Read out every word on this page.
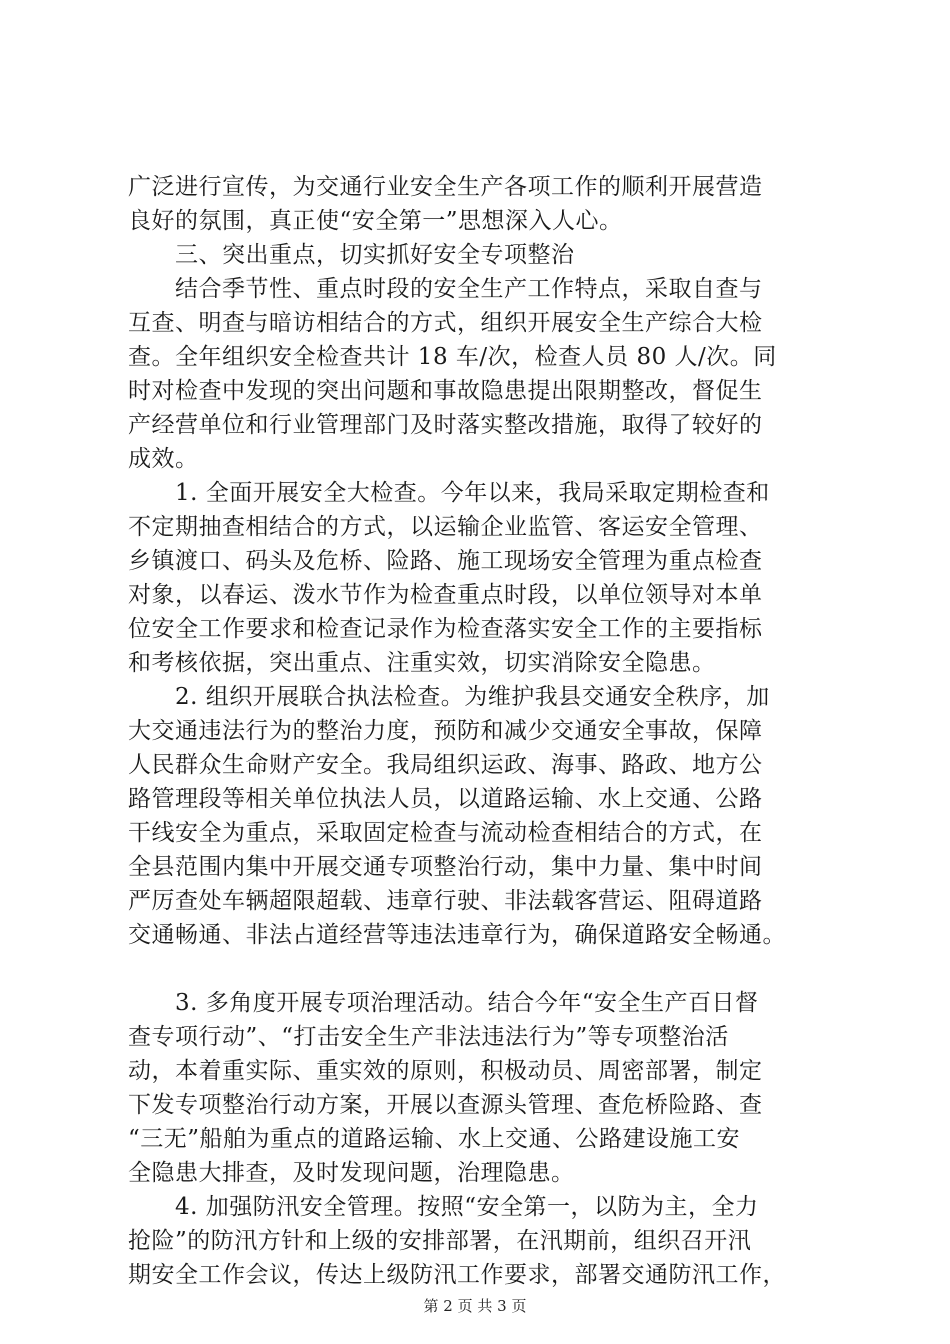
广泛进行宣传，为交通行业安全生产各项工作的顺利开展营造
良好的氛围，真正使“安全第一”思想深入人心。
　　三、突出重点，切实抓好安全专项整治
　　结合季节性、重点时段的安全生产工作特点，采取自查与
互查、明查与暗访相结合的方式，组织开展安全生产综合大检
查。全年组织安全检查共计 18 车/次，检查人员 80 人/次。同
时对检查中发现的突出问题和事故隐患提出限期整改，督促生
产经营单位和行业管理部门及时落实整改措施，取得了较好的
成效。
　　1. 全面开展安全大检查。今年以来，我局采取定期检查和
不定期抽查相结合的方式，以运输企业监管、客运安全管理、
乡镇渡口、码头及危桥、险路、施工现场安全管理为重点检查
对象，以春运、泼水节作为检查重点时段，以单位领导对本单
位安全工作要求和检查记录作为检查落实安全工作的主要指标
和考核依据，突出重点、注重实效，切实消除安全隐患。
　　2. 组织开展联合执法检查。为维护我县交通安全秩序，加
大交通违法行为的整治力度，预防和减少交通安全事故，保障
人民群众生命财产安全。我局组织运政、海事、路政、地方公
路管理段等相关单位执法人员，以道路运输、水上交通、公路
干线安全为重点，采取固定检查与流动检查相结合的方式，在
全县范围内集中开展交通专项整治行动，集中力量、集中时间
严厉查处车辆超限超载、违章行驶、非法载客营运、阻碍道路
交通畅通、非法占道经营等违法违章行为，确保道路安全畅通。
　　3. 多角度开展专项治理活动。结合今年“安全生产百日督
查专项行动”、“打击安全生产非法违法行为”等专项整治活
动，本着重实际、重实效的原则，积极动员、周密部署，制定
下发专项整治行动方案，开展以查源头管理、查危桥险路、查
“三无”船舶为重点的道路运输、水上交通、公路建设施工安
全隐患大排查，及时发现问题，治理隐患。
　　4. 加强防汛安全管理。按照“安全第一，以防为主，全力
抢险”的防汛方针和上级的安排部署，在汛期前，组织召开汛
期安全工作会议，传达上级防汛工作要求，部署交通防汛工作，
第 2 页 共 3 页
